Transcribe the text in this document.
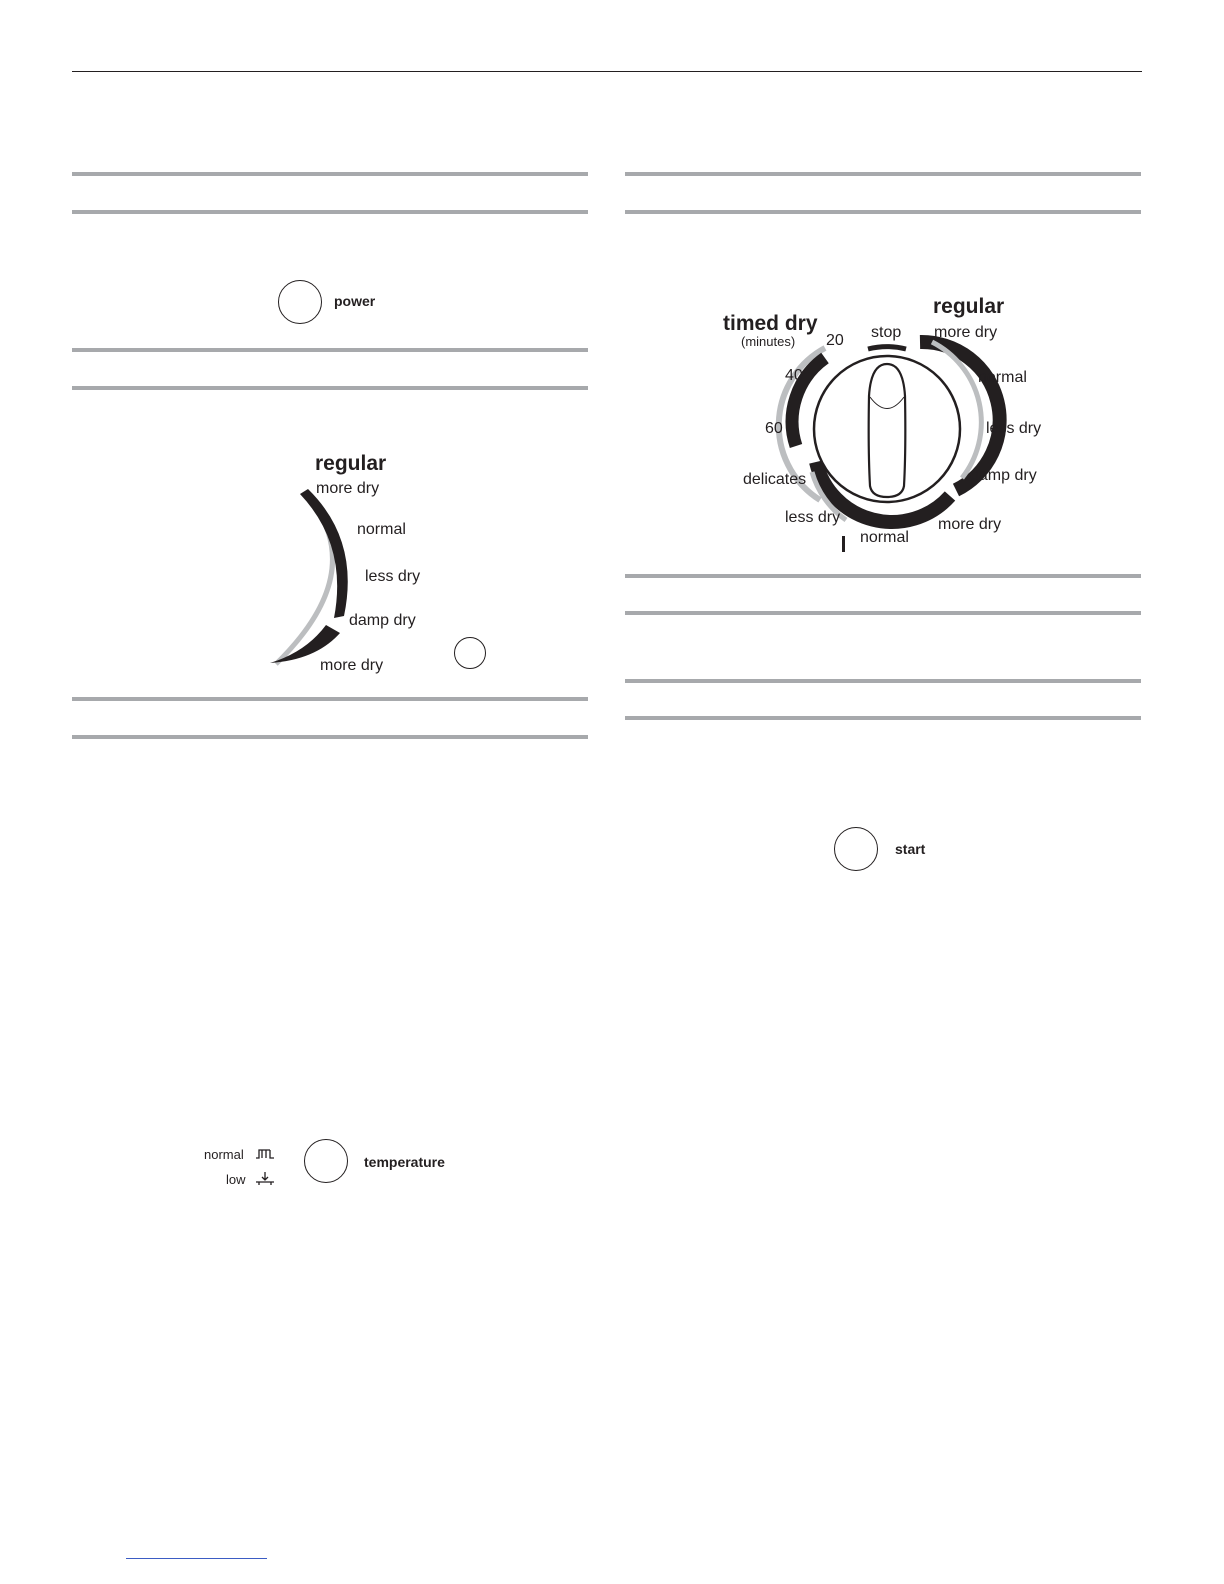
power
regular
more dry
normal
less dry
damp dry
more dry
normal
low
temperature
timed dry
(minutes) 20
40
60
stop
regular
more dry
normal
less dry
damp dry
more dry
delicates
less dry
normal
start
